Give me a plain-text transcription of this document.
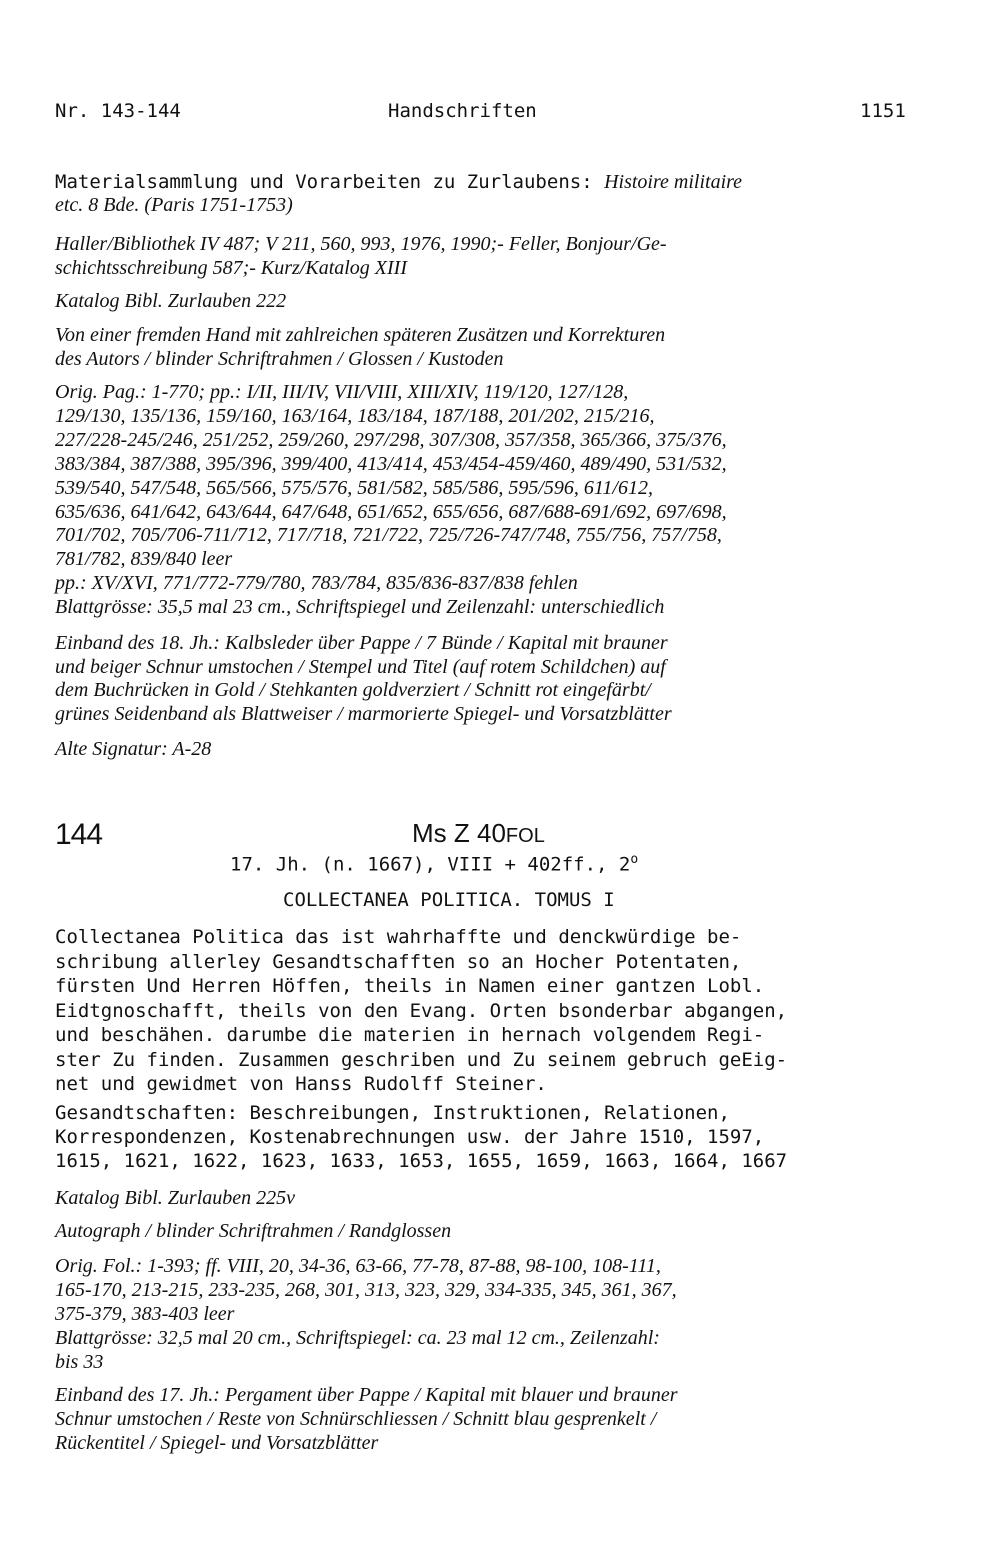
Nr. 143-144	Handschriften	1151
Materialsammlung und Vorarbeiten zu Zurlaubens: Histoire militaire
etc. 8 Bde. (Paris 1751-1753)
Haller/Bibliothek IV 487; V 211, 560, 993, 1976, 1990;- Feller, Bonjour/Ge-
schichtsschreibung 587;- Kurz/Katalog XIII
Katalog Bibl. Zurlauben 222
Von einer fremden Hand mit zahlreichen späteren Zusätzen und Korrekturen
des Autors / blinder Schriftrahmen / Glossen / Kustoden
Orig. Pag.: 1-770; pp.: I/II, III/IV, VII/VIII, XIII/XIV, 119/120, 127/128,
129/130, 135/136, 159/160, 163/164, 183/184, 187/188, 201/202, 215/216,
227/228-245/246, 251/252, 259/260, 297/298, 307/308, 357/358, 365/366, 375/376,
383/384, 387/388, 395/396, 399/400, 413/414, 453/454-459/460, 489/490, 531/532,
539/540, 547/548, 565/566, 575/576, 581/582, 585/586, 595/596, 611/612,
635/636, 641/642, 643/644, 647/648, 651/652, 655/656, 687/688-691/692, 697/698,
701/702, 705/706-711/712, 717/718, 721/722, 725/726-747/748, 755/756, 757/758,
781/782, 839/840 leer
pp.: XV/XVI, 771/772-779/780, 783/784, 835/836-837/838 fehlen
Blattgrösse: 35,5 mal 23 cm., Schriftspiegel und Zeilenzahl: unterschiedlich
Einband des 18. Jh.: Kalbsleder über Pappe / 7 Bünde / Kapital mit brauner
und beiger Schnur umstochen / Stempel und Titel (auf rotem Schildchen) auf
dem Buchrücken in Gold / Stehkanten goldverziert / Schnitt rot eingefärbt/
grünes Seidenband als Blattweiser / marmorierte Spiegel- und Vorsatzblätter
Alte Signatur: A-28
144	Ms Z 40FOL
17. Jh. (n. 1667), VIII + 402ff., 2$^o$
COLLECTANEA POLITICA. TOMUS I
Collectanea Politica das ist wahrhaffte und denckwürdige be-
schribung allerley Gesandtschafften so an Hocher Potentaten,
fürsten Und Herren Höffen, theils in Namen einer gantzen Lobl.
Eidtgnoschafft, theils von den Evang. Orten bsonderbar abgangen,
und beschähen. darumbe die materien in hernach volgendem Regi-
ster Zu finden. Zusammen geschriben und Zu seinem gebruch geEig-
net und gewidmet von Hanss Rudolff Steiner.
Gesandtschaften: Beschreibungen, Instruktionen, Relationen,
Korrespondenzen, Kostenabrechnungen usw. der Jahre 1510, 1597,
1615, 1621, 1622, 1623, 1633, 1653, 1655, 1659, 1663, 1664, 1667
Katalog Bibl. Zurlauben 225v
Autograph / blinder Schriftrahmen / Randglossen
Orig. Fol.: 1-393; ff. VIII, 20, 34-36, 63-66, 77-78, 87-88, 98-100, 108-111,
165-170, 213-215, 233-235, 268, 301, 313, 323, 329, 334-335, 345, 361, 367,
375-379, 383-403 leer
Blattgrösse: 32,5 mal 20 cm., Schriftspiegel: ca. 23 mal 12 cm., Zeilenzahl:
bis 33
Einband des 17. Jh.: Pergament über Pappe / Kapital mit blauer und brauner
Schnur umstochen / Reste von Schnürschliessen / Schnitt blau gesprenkelt /
Rückentitel / Spiegel- und Vorsatzblätter
